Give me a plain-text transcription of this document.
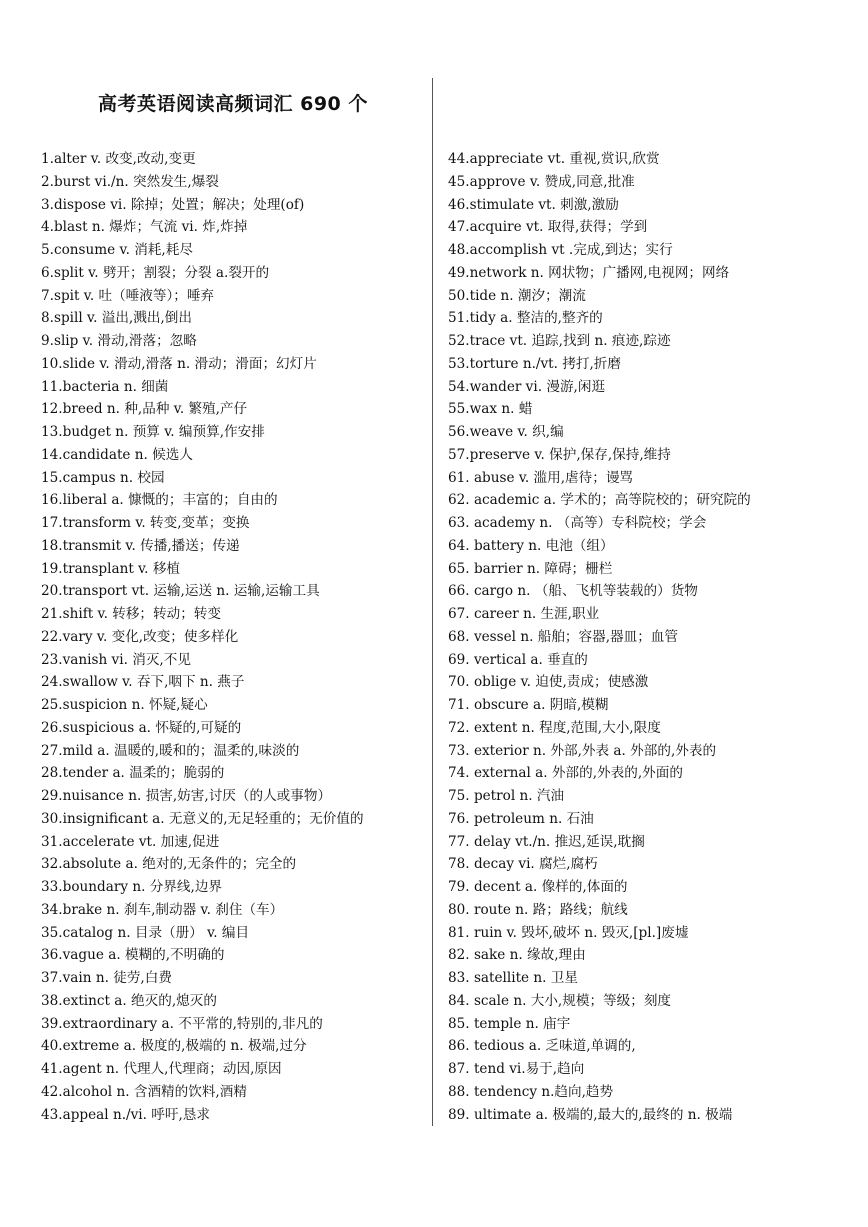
高考英语阅读高频词汇 690 个
1.alter v. 改变,改动,变更
2.burst vi./n. 突然发生,爆裂
3.dispose vi. 除掉；处置；解决；处理(of)
4.blast n. 爆炸；气流 vi. 炸,炸掉
5.consume v. 消耗,耗尽
6.split v. 劈开；割裂；分裂 a.裂开的
7.spit v. 吐（唾液等）；唾弃
8.spill v. 溢出,溅出,倒出
9.slip v. 滑动,滑落；忽略
10.slide v. 滑动,滑落 n. 滑动；滑面；幻灯片
11.bacteria n. 细菌
12.breed n. 种,品种 v. 繁殖,产仔
13.budget n. 预算 v. 编预算,作安排
14.candidate n. 候选人
15.campus n. 校园
16.liberal a. 慷慨的；丰富的；自由的
17.transform v. 转变,变革；变换
18.transmit v. 传播,播送；传递
19.transplant v. 移植
20.transport vt. 运输,运送 n. 运输,运输工具
21.shift v. 转移；转动；转变
22.vary v. 变化,改变；使多样化
23.vanish vi. 消灭,不见
24.swallow v. 吞下,咽下 n. 燕子
25.suspicion n. 怀疑,疑心
26.suspicious a. 怀疑的,可疑的
27.mild a. 温暖的,暖和的；温柔的,味淡的
28.tender a. 温柔的；脆弱的
29.nuisance n. 损害,妨害,讨厌（的人或事物）
30.insignificant a. 无意义的,无足轻重的；无价值的
31.accelerate vt. 加速,促进
32.absolute a. 绝对的,无条件的；完全的
33.boundary n. 分界线,边界
34.brake n. 刹车,制动器 v. 刹住（车）
35.catalog n. 目录（册） v. 编目
36.vague a. 模糊的,不明确的
37.vain n. 徒劳,白费
38.extinct a. 绝灭的,熄灭的
39.extraordinary a. 不平常的,特别的,非凡的
40.extreme a. 极度的,极端的 n. 极端,过分
41.agent n. 代理人,代理商；动因,原因
42.alcohol n. 含酒精的饮料,酒精
43.appeal n./vi. 呼吁,恳求
44.appreciate vt. 重视,赏识,欣赏
45.approve v. 赞成,同意,批准
46.stimulate vt. 刺激,激励
47.acquire vt. 取得,获得；学到
48.accomplish vt .完成,到达；实行
49.network n. 网状物；广播网,电视网；网络
50.tide n. 潮汐；潮流
51.tidy a. 整洁的,整齐的
52.trace vt. 追踪,找到 n. 痕迹,踪迹
53.torture n./vt. 拷打,折磨
54.wander vi. 漫游,闲逛
55.wax n. 蜡
56.weave v. 织,编
57.preserve v. 保护,保存,保持,维持
61. abuse v. 滥用,虐待；谩骂
62. academic a. 学术的；高等院校的；研究院的
63. academy n. （高等）专科院校；学会
64. battery n. 电池（组）
65. barrier n. 障碍；栅栏
66. cargo n. （船、飞机等装载的）货物
67. career n. 生涯,职业
68. vessel n. 船舶；容器,器皿；血管
69. vertical a. 垂直的
70. oblige v. 迫使,责成；使感激
71. obscure a. 阴暗,模糊
72. extent n. 程度,范围,大小,限度
73. exterior n. 外部,外表 a. 外部的,外表的
74. external a. 外部的,外表的,外面的
75. petrol n. 汽油
76. petroleum n. 石油
77. delay vt./n. 推迟,延误,耽搁
78. decay vi. 腐烂,腐朽
79. decent a. 像样的,体面的
80. route n. 路；路线；航线
81. ruin v. 毁坏,破坏 n. 毁灭,[pl.]废墟
82. sake n. 缘故,理由
83. satellite n. 卫星
84. scale n. 大小,规模；等级；刻度
85. temple n. 庙宇
86. tedious a. 乏味道,单调的,
87. tend vi.易于,趋向
88. tendency n.趋向,趋势
89. ultimate a. 极端的,最大的,最终的 n. 极端
